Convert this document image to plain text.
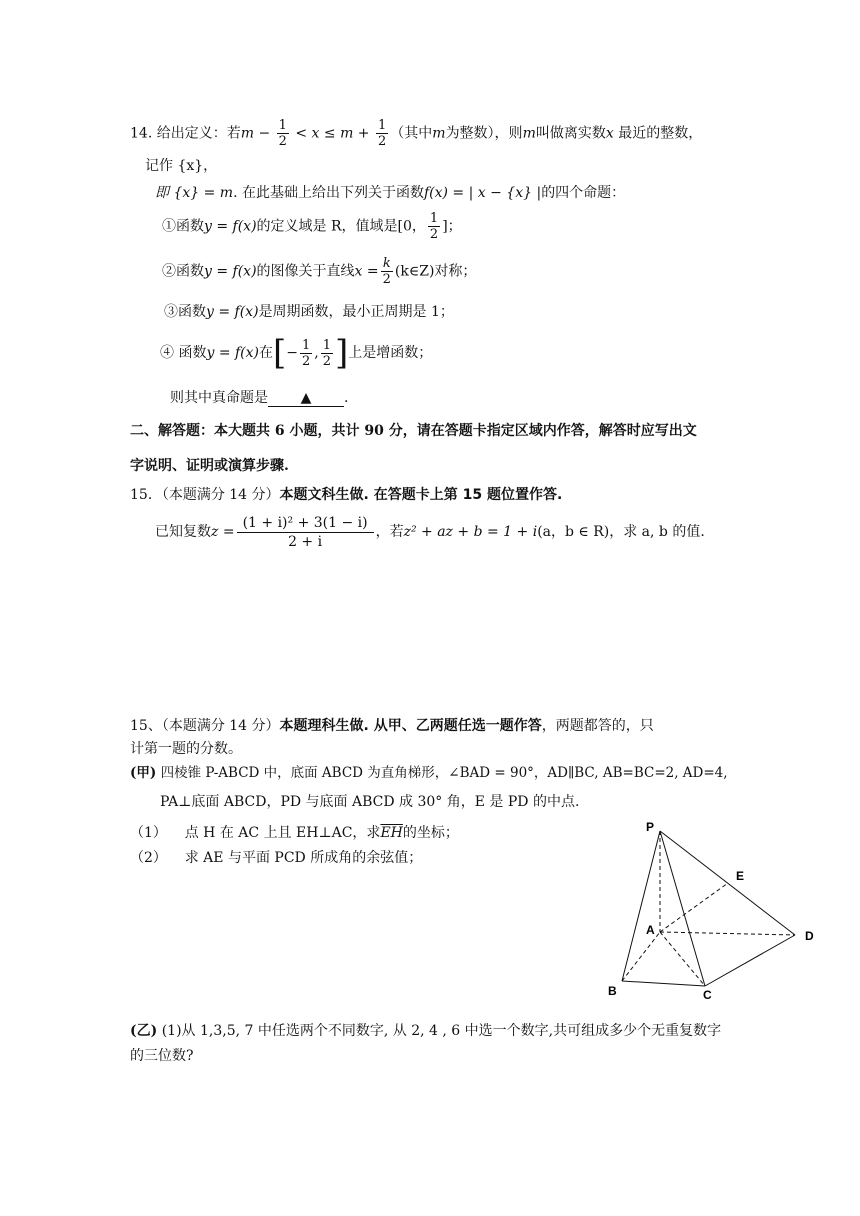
14. 给出定义：若$m - \frac{1}{2} < x \le m + \frac{1}{2}$ （其中m为整数），则m叫做离实数x 最近的整数，
记作 {x}，
即 {x} = m. 在此基础上给出下列关于函数f(x) = | x − {x} |的四个命题：
①函数y = f(x)的定义域是 R，值域是[0， $\frac{1}{2}$ ]；
②函数y = f(x)的图像关于直线$x = \frac{k}{2}$ (k∈Z)对称；
③函数y = f(x)是周期函数，最小正周期是 1；
④ 函数y = f(x)在[− $\frac{1}{2}$ , $\frac{1}{2}$ ]上是增函数；
则其中真命题是 ▲ .
二、解答题：本大题共 6 小题，共计 90 分，请在答题卡指定区域内作答，解答时应写出文
字说明、证明或演算步骤.
15．（本题满分 14 分）本题文科生做. 在答题卡上第 15 题位置作答.
已知复数$z = \frac{\text{(1 + i)² + 3(1 − i)}}{2 + i}$ ，若z² + az + b = 1 + i(a，b ∈ R)，求 a, b 的值.
15、（本题满分 14 分）本题理科生做. 从甲、乙两题任选一题作答，两题都答的，只
计第一题的分数。
(甲) 四棱锥 P-ABCD 中，底面 ABCD 为直角梯形，∠BAD = 90°，AD∥BC, AB=BC=2, AD=4,
PA⊥底面 ABCD，PD 与底面 ABCD 成 30° 角，E 是 PD 的中点.
（1） 点 H 在 AC 上且 EH⊥AC，求$\overline{EH}$的坐标；
（2） 求 AE 与平面 PCD 所成角的余弦值；
P
E
A	D
B	C
(乙) (1)从 1,3,5, 7 中任选两个不同数字, 从 2, 4 , 6 中选一个数字,共可组成多少个无重复数字
的三位数?
